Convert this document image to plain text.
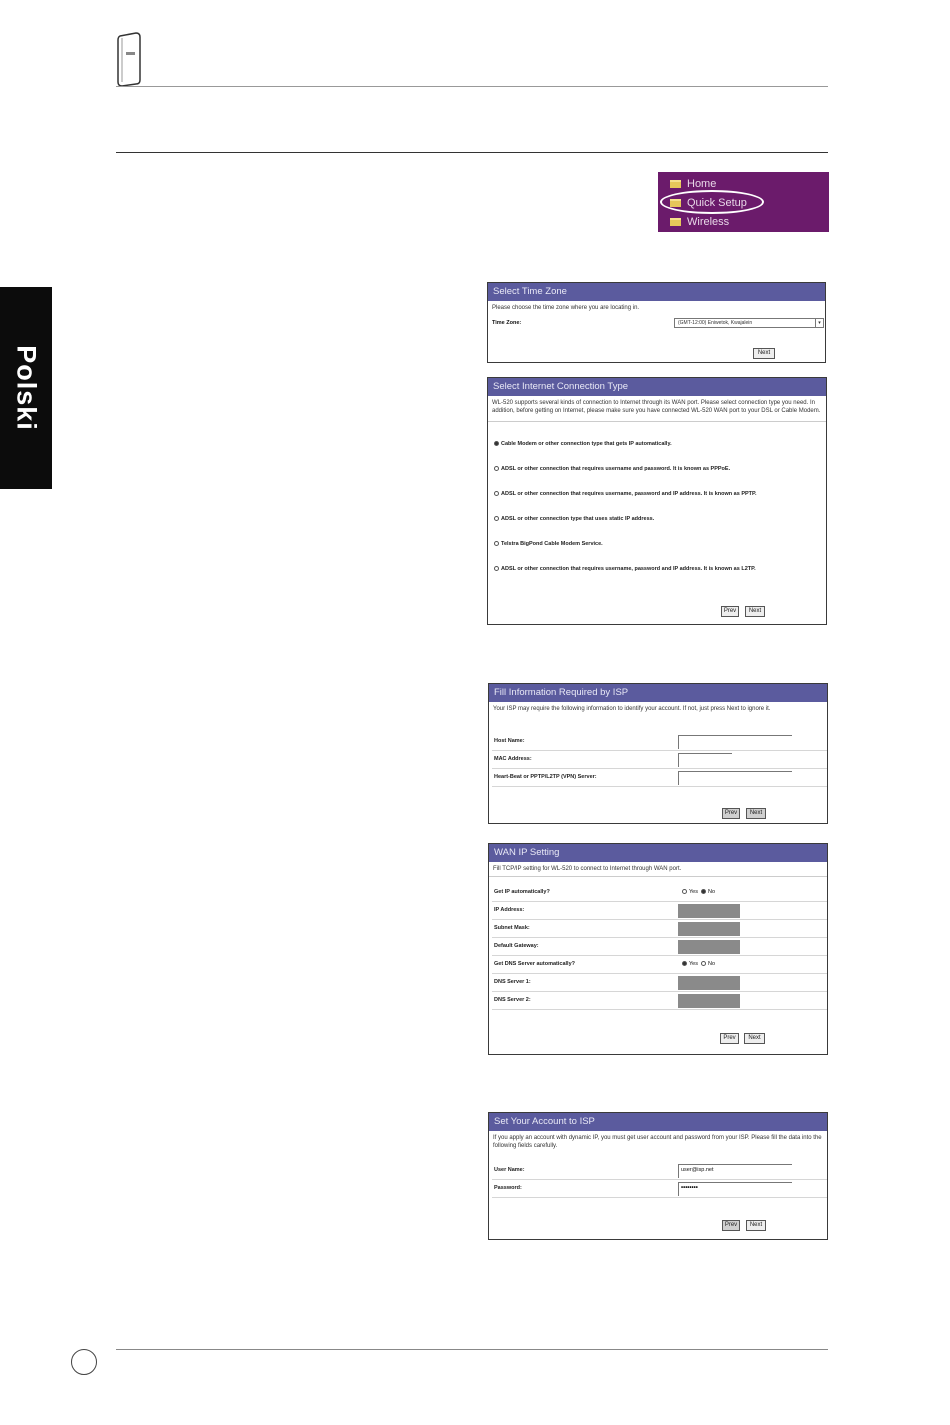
Polski
Home
Quick Setup
Wireless
Select Time Zone
Please choose the time zone where you are locating in.
Time Zone:	(GMT-12:00) Eniwetok, Kwajalein	▾
Next
Select Internet Connection Type
WL-520 supports several kinds of connection to Internet through its WAN port. Please select connection type you need. In addition, before getting on Internet, please make sure you have connected WL-520 WAN port to your DSL or Cable Modem.
Cable Modem or other connection type that gets IP automatically.
ADSL or other connection that requires username and password. It is known as PPPoE.
ADSL or other connection that requires username, password and IP address. It is known as PPTP.
ADSL or other connection type that uses static IP address.
Telstra BigPond Cable Modem Service.
ADSL or other connection that requires username, password and IP address. It is known as L2TP.
Prev	Next
Fill Information Required by ISP
Your ISP may require the following information to identify your account. If not, just press Next to ignore it.
Host Name:
MAC Address:
Heart-Beat or PPTP/L2TP (VPN) Server:
Prev	Next
WAN IP Setting
Fill TCP/IP setting for WL-520 to connect to Internet through WAN port.
Get IP automatically?	Yes No
IP Address:
Subnet Mask:
Default Gateway:
Get DNS Server automatically?	Yes No
DNS Server 1:
DNS Server 2:
Prev	Next
Set Your Account to ISP
If you apply an account with dynamic IP, you must get user account and password from your ISP. Please fill the data into the following fields carefully.
User Name:	user@isp.net
Password:	••••••••
Prev	Next
